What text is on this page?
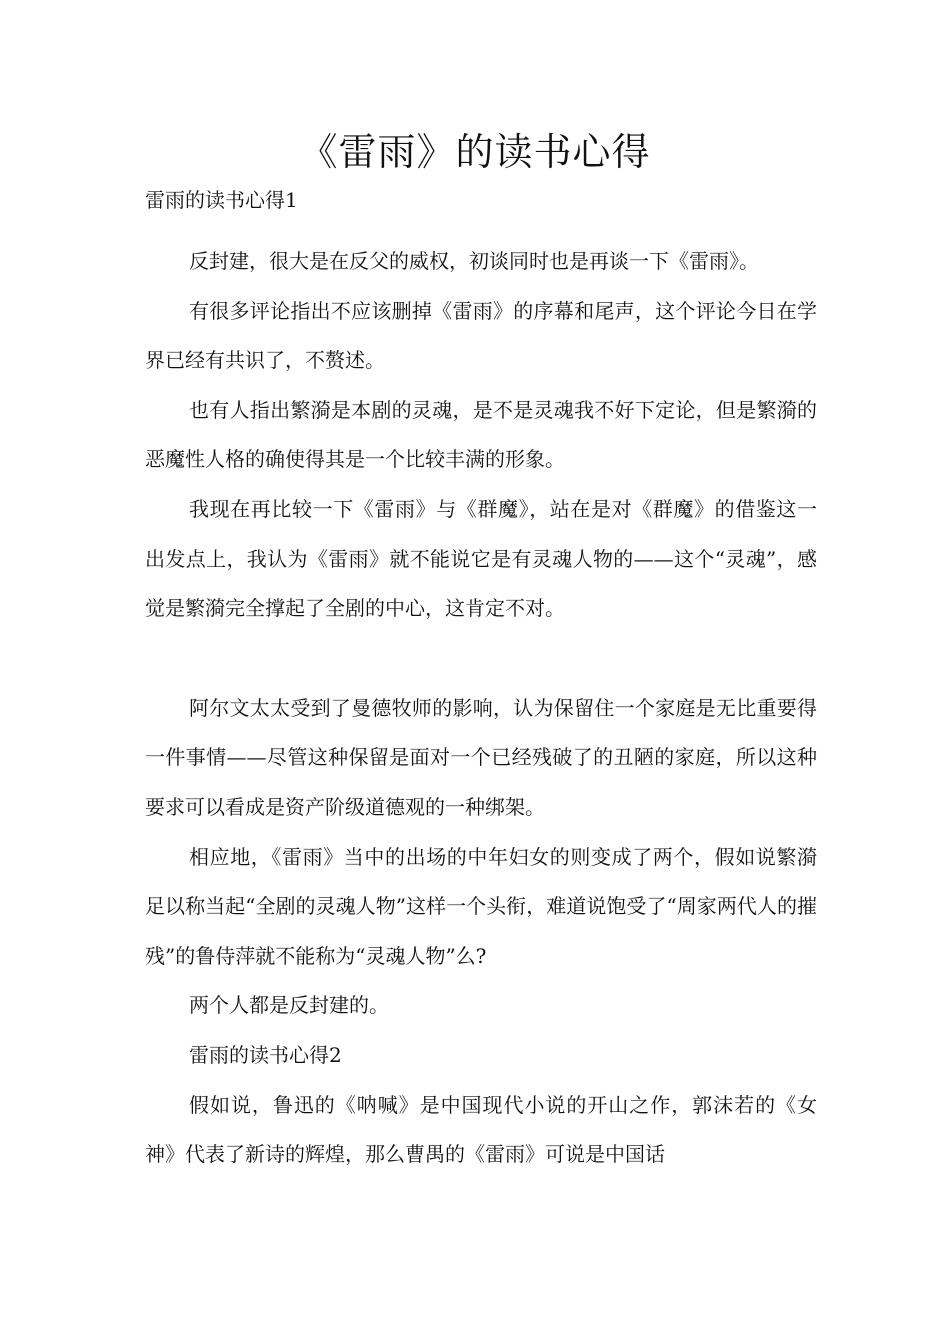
《雷雨》的读书心得

雷雨的读书心得1

反封建，很大是在反父的威权，初谈同时也是再谈一下《雷雨》。

有很多评论指出不应该删掉《雷雨》的序幕和尾声，这个评论今日在学界已经有共识了，不赘述。

也有人指出繁漪是本剧的灵魂，是不是灵魂我不好下定论，但是繁漪的恶魔性人格的确使得其是一个比较丰满的形象。

我现在再比较一下《雷雨》与《群魔》，站在是对《群魔》的借鉴这一出发点上，我认为《雷雨》就不能说它是有灵魂人物的——这个“灵魂”，感觉是繁漪完全撑起了全剧的中心，这肯定不对。

阿尔文太太受到了曼德牧师的影响，认为保留住一个家庭是无比重要得一件事情——尽管这种保留是面对一个已经残破了的丑陋的家庭，所以这种要求可以看成是资产阶级道德观的一种绑架。

相应地，《雷雨》当中的出场的中年妇女的则变成了两个，假如说繁漪足以称当起“全剧的灵魂人物”这样一个头衔，难道说饱受了“周家两代人的摧残”的鲁侍萍就不能称为“灵魂人物”么?

两个人都是反封建的。

雷雨的读书心得2

假如说，鲁迅的《呐喊》是中国现代小说的开山之作，郭沫若的《女神》代表了新诗的辉煌，那么曹禺的《雷雨》可说是中国话
